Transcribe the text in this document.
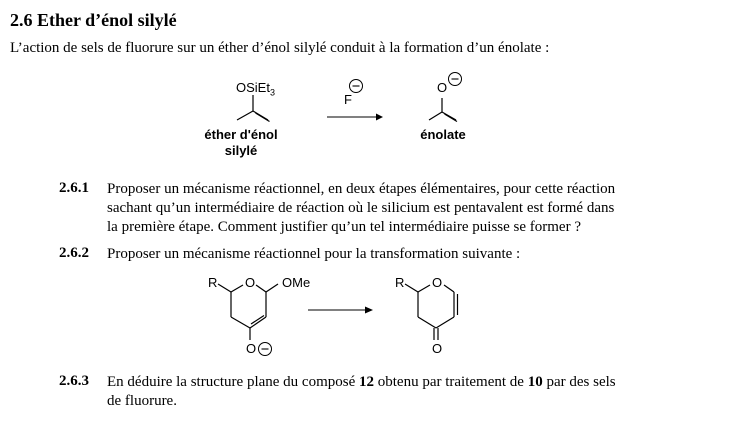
2.6 Ether d’énol silylé
L’action de sels de fluorure sur un éther d’énol silylé conduit à la formation d’un énolate :
OSiEt$_3$
éther d'énol
silylé
F
O
énolate
2.6.1 Proposer un mécanisme réactionnel, en deux étapes élémentaires, pour cette réaction
sachant qu’un intermédiaire de réaction où le silicium est pentavalent est formé dans
la première étape. Comment justifier qu’un tel intermédiaire puisse se former ?
2.6.2 Proposer un mécanisme réactionnel pour la transformation suivante :
R O OMe
O
R O
O
2.6.3 En déduire la structure plane du composé 12 obtenu par traitement de 10 par des sels
de fluorure.
